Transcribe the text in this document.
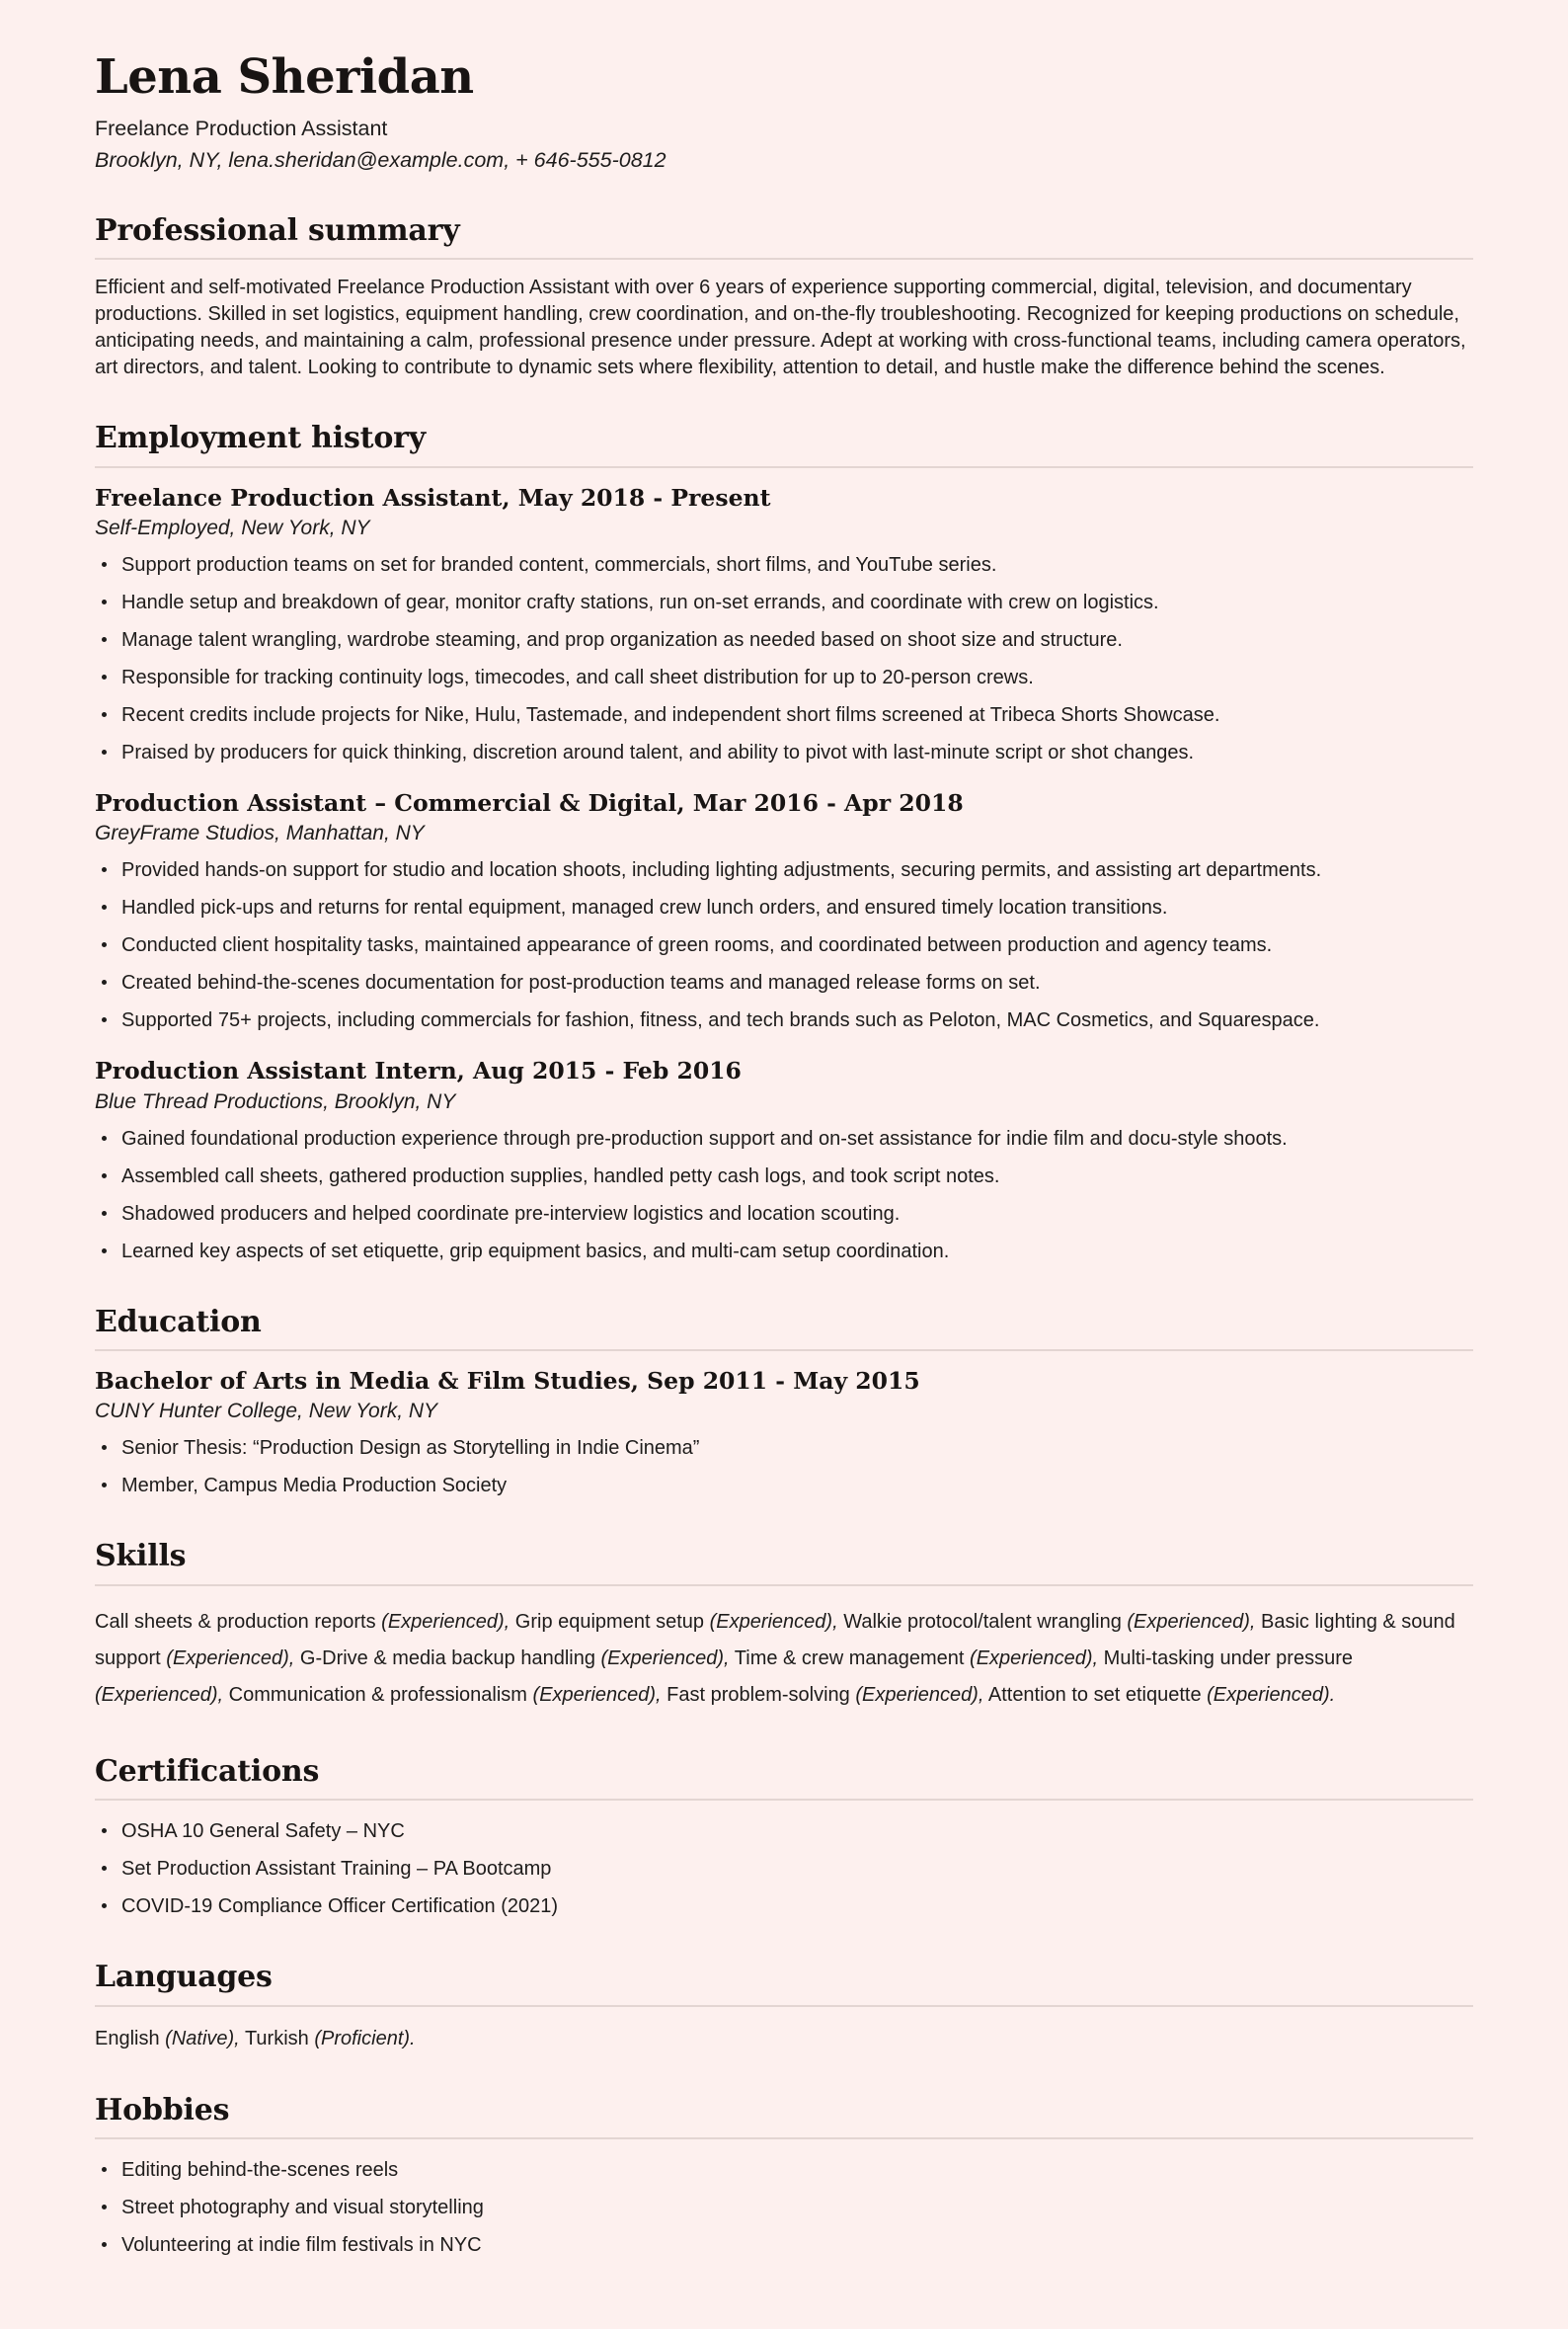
Lena Sheridan

Freelance Production Assistant

Brooklyn, NY, lena.sheridan@example.com, + 646-555-0812

Professional summary

Efficient and self-motivated Freelance Production Assistant with over 6 years of experience supporting commercial, digital, television, and documentary productions. Skilled in set logistics, equipment handling, crew coordination, and on-the-fly troubleshooting. Recognized for keeping productions on schedule, anticipating needs, and maintaining a calm, professional presence under pressure. Adept at working with cross-functional teams, including camera operators, art directors, and talent. Looking to contribute to dynamic sets where flexibility, attention to detail, and hustle make the difference behind the scenes.

Employment history
Freelance Production Assistant, May 2018 - Present

Self-Employed, New York, NY

Support production teams on set for branded content, commercials, short films, and YouTube series.
Handle setup and breakdown of gear, monitor crafty stations, run on-set errands, and coordinate with crew on logistics.
Manage talent wrangling, wardrobe steaming, and prop organization as needed based on shoot size and structure.
Responsible for tracking continuity logs, timecodes, and call sheet distribution for up to 20-person crews.
Recent credits include projects for Nike, Hulu, Tastemade, and independent short films screened at Tribeca Shorts Showcase.
Praised by producers for quick thinking, discretion around talent, and ability to pivot with last-minute script or shot changes.
Production Assistant – Commercial & Digital, Mar 2016 - Apr 2018

GreyFrame Studios, Manhattan, NY

Provided hands-on support for studio and location shoots, including lighting adjustments, securing permits, and assisting art departments.
Handled pick-ups and returns for rental equipment, managed crew lunch orders, and ensured timely location transitions.
Conducted client hospitality tasks, maintained appearance of green rooms, and coordinated between production and agency teams.
Created behind-the-scenes documentation for post-production teams and managed release forms on set.
Supported 75+ projects, including commercials for fashion, fitness, and tech brands such as Peloton, MAC Cosmetics, and Squarespace.
Production Assistant Intern, Aug 2015 - Feb 2016

Blue Thread Productions, Brooklyn, NY

Gained foundational production experience through pre-production support and on-set assistance for indie film and docu-style shoots.
Assembled call sheets, gathered production supplies, handled petty cash logs, and took script notes.
Shadowed producers and helped coordinate pre-interview logistics and location scouting.
Learned key aspects of set etiquette, grip equipment basics, and multi-cam setup coordination.
Education
Bachelor of Arts in Media & Film Studies, Sep 2011 - May 2015

CUNY Hunter College, New York, NY

Senior Thesis: “Production Design as Storytelling in Indie Cinema”
Member, Campus Media Production Society
Skills

Call sheets & production reports (Experienced), Grip equipment setup (Experienced), Walkie protocol/talent wrangling (Experienced), Basic lighting & sound support (Experienced), G-Drive & media backup handling (Experienced), Time & crew management (Experienced), Multi-tasking under pressure (Experienced), Communication & professionalism (Experienced), Fast problem-solving (Experienced), Attention to set etiquette (Experienced).

Certifications
OSHA 10 General Safety – NYC
Set Production Assistant Training – PA Bootcamp
COVID-19 Compliance Officer Certification (2021)
Languages

English (Native), Turkish (Proficient).

Hobbies
Editing behind-the-scenes reels
Street photography and visual storytelling
Volunteering at indie film festivals in NYC
